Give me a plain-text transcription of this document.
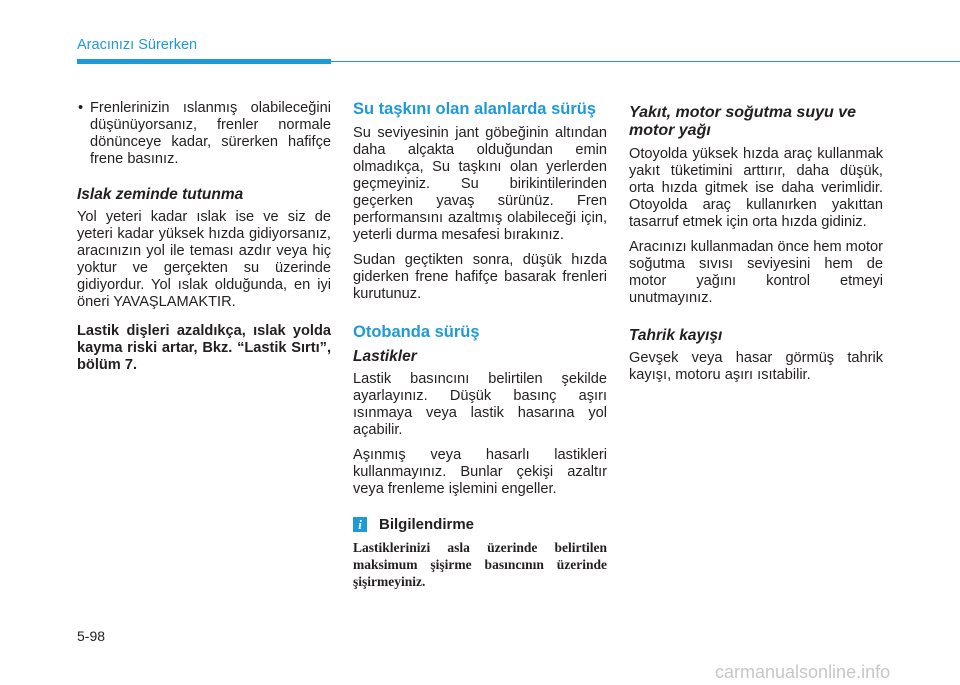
Aracınızı Sürerken
• Frenlerinizin ıslanmış olabileceğini düşünüyorsanız, frenler normale dönünceye kadar, sürerken hafifçe frene basınız.
Islak zeminde tutunma

Yol yeteri kadar ıslak ise ve siz de yeteri kadar yüksek hızda gidiyorsanız, aracınızın yol ile teması azdır veya hiç yoktur ve gerçekten su üzerinde gidiyordur. Yol ıslak olduğunda, en iyi öneri YAVAŞLAMAKTIR.

Lastik dişleri azaldıkça, ıslak yolda kayma riski artar, Bkz. “Lastik Sırtı”, bölüm 7.

Su taşkını olan alanlarda sürüş

Su seviyesinin jant göbeğinin altından daha alçakta olduğundan emin olmadıkça, Su taşkını olan yerlerden geçmeyiniz. Su birikintilerinden geçerken yavaş sürünüz. Fren performansını azaltmış olabileceği için, yeterli durma mesafesi bırakınız.

Sudan geçtikten sonra, düşük hızda giderken frene hafifçe basarak frenleri kurutunuz.

Otobanda sürüş
Lastikler

Lastik basıncını belirtilen şekilde ayarlayınız. Düşük basınç aşırı ısınmaya veya lastik hasarına yol açabilir.

Aşınmış veya hasarlı lastikleri kullanmayınız. Bunlar çekişi azaltır veya frenleme işlemini engeller.

i	Bilgilendirme

Lastiklerinizi asla üzerinde belirtilen maksimum şişirme basıncının üzerinde şişirmeyiniz.

Yakıt, motor soğutma suyu ve motor yağı

Otoyolda yüksek hızda araç kullanmak yakıt tüketimini arttırır, daha düşük, orta hızda gitmek ise daha verimlidir. Otoyolda araç kullanırken yakıttan tasarruf etmek için orta hızda gidiniz.

Aracınızı kullanmadan önce hem motor soğutma sıvısı seviyesini hem de motor yağını kontrol etmeyi unutmayınız.

Tahrik kayışı

Gevşek veya hasar görmüş tahrik kayışı, motoru aşırı ısıtabilir.

5-98
carmanualsonline.info
